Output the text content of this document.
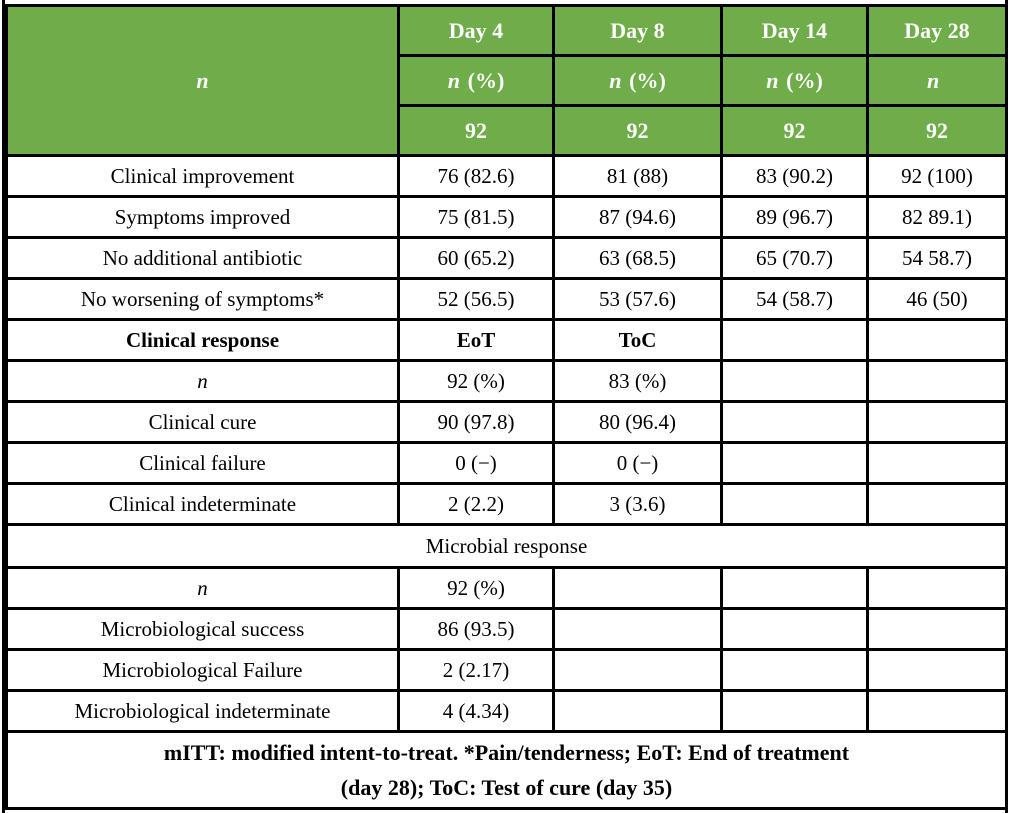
n	Day 4	Day 8	Day 14	Day 28
	n (%)	n (%)	n (%)	n
	92	92	92	92
Clinical improvement	76 (82.6)	81 (88)	83 (90.2)	92 (100)
Symptoms improved	75 (81.5)	87 (94.6)	89 (96.7)	82 89.1)
No additional antibiotic	60 (65.2)	63 (68.5)	65 (70.7)	54 58.7)
No worsening of symptoms*	52 (56.5)	53 (57.6)	54 (58.7)	46 (50)
Clinical response	EoT	ToC		
n	92 (%)	83 (%)		
Clinical cure	90 (97.8)	80 (96.4)		
Clinical failure	0 (−)	0 (−)		
Clinical indeterminate	2 (2.2)	3 (3.6)		
Microbial response				
n	92 (%)			
Microbiological success	86 (93.5)			
Microbiological Failure	2 (2.17)			
Microbiological indeterminate	4 (4.34)			
mITT: modified intent-to-treat. *Pain/tenderness; EoT: End of treatment
(day 28); ToC: Test of cure (day 35)				
